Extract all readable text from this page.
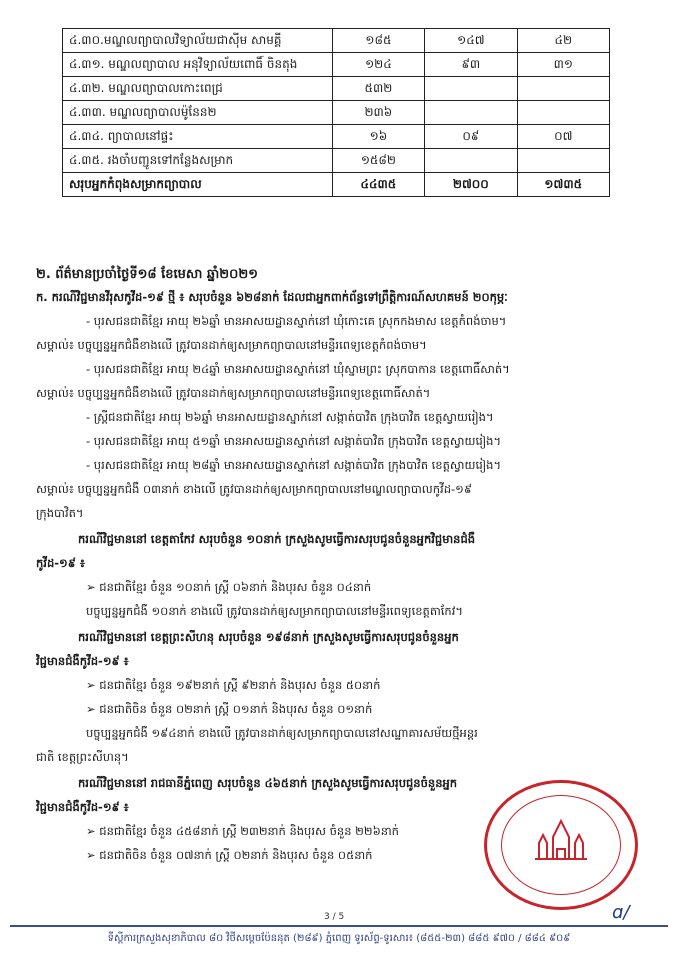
៤.៣០.មណ្ឌលព្យាបាលវិទ្យាល័យជាស៊ីម សាមគ្គី	១៨៥	១៤៧	៤២
៤.៣១. មណ្ឌលព្យាបាល អនុវិទ្យាល័យពោធិ៍ ចិនតុង	១២៤	៩៣	៣១
៤.៣២. មណ្ឌលព្យាបាលកោះពេជ្រ	៥៣២		
៤.៣៣. មណ្ឌលព្យាបាលម៉ូនែន២	២៣៦		
៤.៣៤. ព្យាបាលនៅផ្ទះ	១៦	០៩	០៧
៤.៣៥. រងចាំបញ្ជូនទៅកន្លែងសម្រាក	១៥៨២		
សរុបអ្នកកំពុងសម្រាកព្យាបាល	៤៤៣៥	២៧០០	១៧៣៥
២. ព័ត៌មានប្រចាំថ្ងៃទី១៨ ខែមេសា ឆ្នាំ២០២១
ក. ករណីវិជ្ជមានវីរុសកូវីដ-១៩ ថ្មី ៖ សរុបចំនួន ៦២៨នាក់ ដែលជាអ្នកពាក់ព័ន្ធទៅព្រឹត្តិការណ៍សហគមន៍ ២០កុម្ភៈ
- បុរសជនជាតិខ្មែរ អាយុ ២៦ឆ្នាំ មានអាសយដ្ឋានស្នាក់នៅ ឃុំកោះគេ ស្រុកកងមាស ខេត្តកំពង់ចាម។
សម្គាល់៖ បច្ចុប្បន្នអ្នកជំងឺខាងលើ ត្រូវបានដាក់ឲ្យសម្រាកព្យាបាលនៅមន្ទីរពេទ្យខេត្តកំពង់ចាម។
- បុរសជនជាតិខ្មែរ អាយុ ២៤ឆ្នាំ មានអាសយដ្ឋានស្នាក់នៅ ឃុំស្នាមព្រះ ស្រុកបាកាន ខេត្តពោធិ៍សាត់។
សម្គាល់៖ បច្ចុប្បន្នអ្នកជំងឺខាងលើ ត្រូវបានដាក់ឲ្យសម្រាកព្យាបាលនៅមន្ទីរពេទ្យខេត្តពោធិ៍សាត់។
- ស្ត្រីជនជាតិខ្មែរ អាយុ ២៦ឆ្នាំ មានអាសយដ្ឋានស្នាក់នៅ សង្កាត់បាវិត ក្រុងបាវិត ខេត្តស្វាយរៀង។
- បុរសជនជាតិខ្មែរ អាយុ ៥១ឆ្នាំ មានអាសយដ្ឋានស្នាក់នៅ សង្កាត់បាវិត ក្រុងបាវិត ខេត្តស្វាយរៀង។
- បុរសជនជាតិខ្មែរ អាយុ ២៨ឆ្នាំ មានអាសយដ្ឋានស្នាក់នៅ សង្កាត់បាវិត ក្រុងបាវិត ខេត្តស្វាយរៀង។
សម្គាល់៖ បច្ចុប្បន្នអ្នកជំងឺ ០៣នាក់ ខាងលើ ត្រូវបានដាក់ឲ្យសម្រាកព្យាបាលនៅមណ្ឌលព្យាបាលកូវីដ-១៩
ក្រុងបាវិត។
ករណីវិជ្ជមាននៅ ខេត្តតាកែវ សរុបចំនួន ១០នាក់ ក្រសួងសូមធ្វើការសរុបជូនចំនួនអ្នកវិជ្ជមានជំងឺ
កូវីដ-១៩ ៖
➢ ជនជាតិខ្មែរ ចំនួន ១០នាក់ ស្ត្រី ០៦នាក់ និងបុរស ចំនួន ០៤នាក់
បច្ចុប្បន្នអ្នកជំងឺ ១០នាក់ ខាងលើ ត្រូវបានដាក់ឲ្យសម្រាកព្យាបាលនៅមន្ទីរពេទ្យខេត្តតាកែវ។
ករណីវិជ្ជមាននៅ ខេត្តព្រះសីហនុ សរុបចំនួន ១៩៨នាក់ ក្រសួងសូមធ្វើការសរុបជូនចំនួនអ្នក
វិជ្ជមានជំងឺកូវីដ-១៩ ៖
➢ ជនជាតិខ្មែរ ចំនួន ១៩២នាក់ ស្ត្រី ៩២នាក់ និងបុរស ចំនួន ៥០នាក់
➢ ជនជាតិចិន ចំនួន ០២នាក់ ស្ត្រី ០១នាក់ និងបុរស ចំនួន ០១នាក់
បច្ចុប្បន្នអ្នកជំងឺ ១៩៤នាក់ ខាងលើ ត្រូវបានដាក់ឲ្យសម្រាកព្យាបាលនៅសណ្ឋាគារសម័យថ្មីអន្តរ
ជាតិ ខេត្តព្រះសីហនុ។
ករណីវិជ្ជមាននៅ រាជធានីភ្នំពេញ សរុបចំនួន ៤៦៥នាក់ ក្រសួងសូមធ្វើការសរុបជូនចំនួនអ្នក
វិជ្ជមានជំងឺកូវីដ-១៩ ៖
➢ ជនជាតិខ្មែរ ចំនួន ៤៥៨នាក់ ស្ត្រី ២៣២នាក់ និងបុរស ចំនួន ២២៦នាក់
➢ ជនជាតិចិន ចំនួន ០៧នាក់ ស្ត្រី ០២នាក់ និងបុរស ចំនួន ០៥នាក់
3 / 5	ɑ/
ទីស្តីការក្រសួងសុខាភិបាល ៨០ វិថីសម្តេចប៉ែននុត (២៨៩) ភ្នំពេញ ទូរស័ព្ទ-ទូរសារ៖ (៨៥៥-២៣) ៨៨៥ ៩៧០ / ៨៨៤ ៩០៩
